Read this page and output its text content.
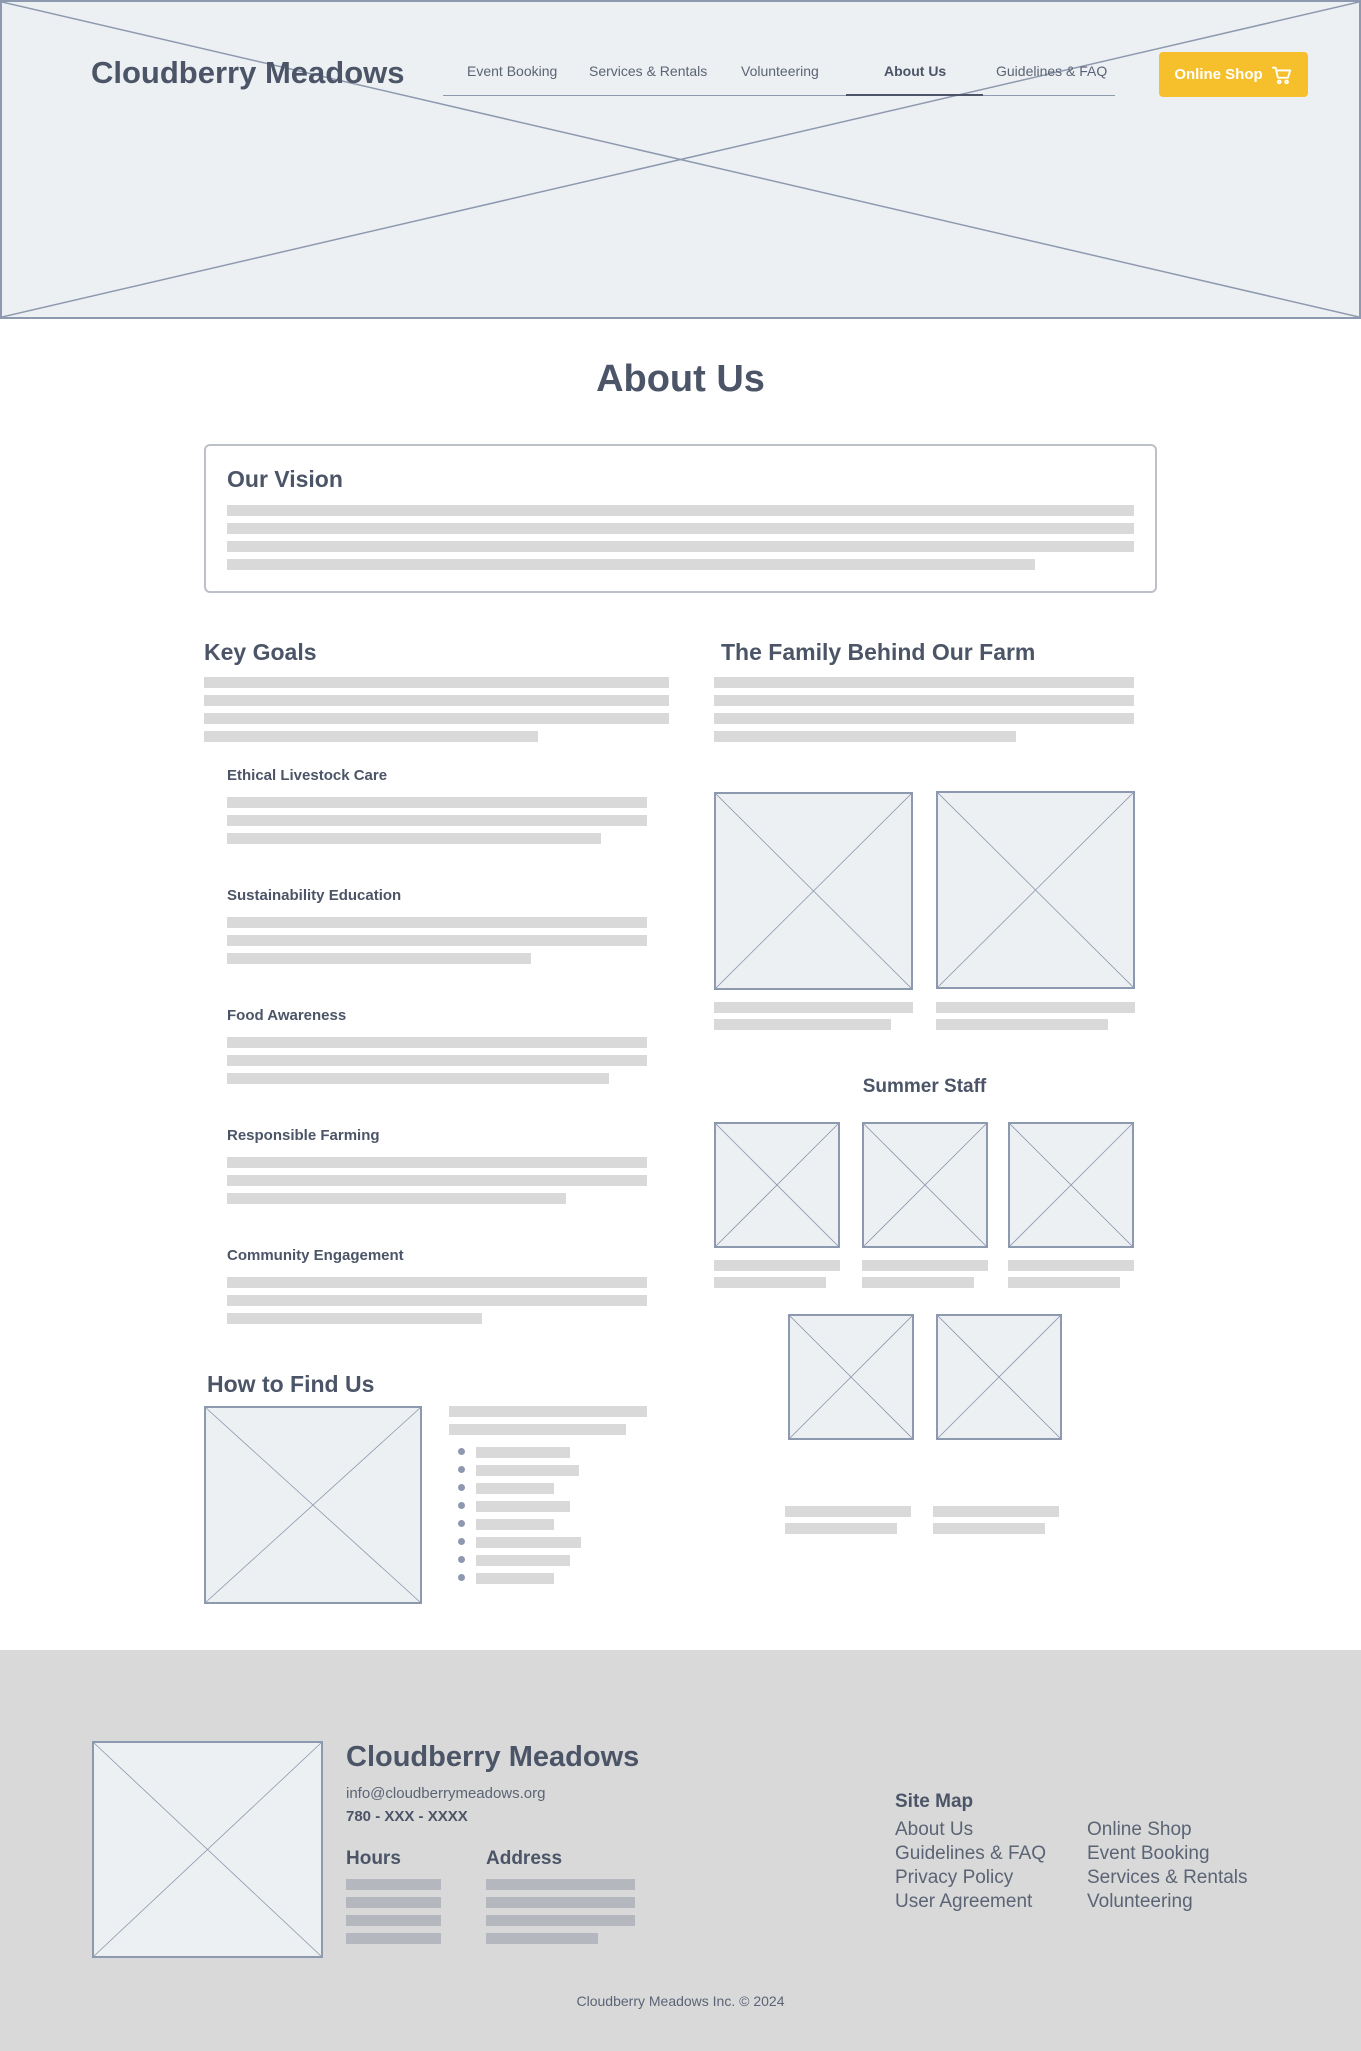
Cloudberry Meadows	Event Booking Services & Rentals Volunteering	About Us	Guidelines & FAQ	Online Shop
About Us
Our Vision
Key Goals
Ethical Livestock Care
Sustainability Education
Food Awareness
Responsible Farming
Community Engagement
How to Find Us
The Family Behind Our Farm
Summer Staff
Cloudberry Meadows
info@cloudberrymeadows.org
780 - XXX - XXXX
Hours	Address
Site Map
About Us
Guidelines & FAQ
Privacy Policy
User Agreement
Online Shop
Event Booking
Services & Rentals
Volunteering
Cloudberry Meadows Inc. © 2024
